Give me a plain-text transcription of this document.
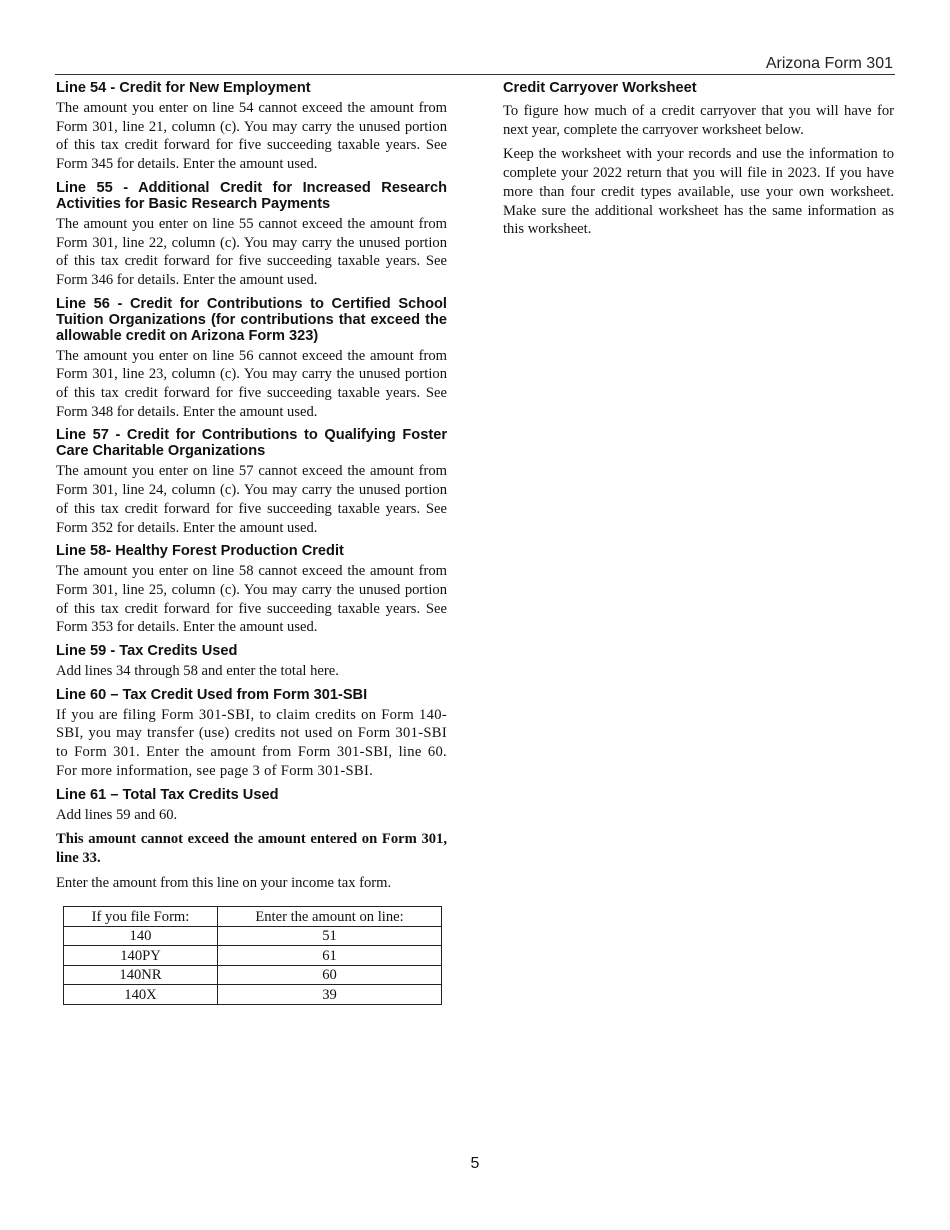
Arizona Form 301
Line 54 - Credit for New Employment

The amount you enter on line 54 cannot exceed the amount from Form 301, line 21, column (c). You may carry the unused portion of this tax credit forward for five succeeding taxable years. See Form 345 for details. Enter the amount used.

Line 55 - Additional Credit for Increased Research Activities for Basic Research Payments

The amount you enter on line 55 cannot exceed the amount from Form 301, line 22, column (c). You may carry the unused portion of this tax credit forward for five succeeding taxable years. See Form 346 for details. Enter the amount used.

Line 56 - Credit for Contributions to Certified School Tuition Organizations (for contributions that exceed the allowable credit on Arizona Form 323)

The amount you enter on line 56 cannot exceed the amount from Form 301, line 23, column (c). You may carry the unused portion of this tax credit forward for five succeeding taxable years. See Form 348 for details. Enter the amount used.

Line 57 - Credit for Contributions to Qualifying Foster Care Charitable Organizations

The amount you enter on line 57 cannot exceed the amount from Form 301, line 24, column (c). You may carry the unused portion of this tax credit forward for five succeeding taxable years. See Form 352 for details. Enter the amount used.

Line 58- Healthy Forest Production Credit

The amount you enter on line 58 cannot exceed the amount from Form 301, line 25, column (c). You may carry the unused portion of this tax credit forward for five succeeding taxable years. See Form 353 for details. Enter the amount used.

Line 59 - Tax Credits Used

Add lines 34 through 58 and enter the total here.

Line 60 – Tax Credit Used from Form 301-SBI

If you are filing Form 301-SBI, to claim credits on Form 140-SBI, you may transfer (use) credits not used on Form 301-SBI to Form 301. Enter the amount from Form 301-SBI, line 60. For more information, see page 3 of Form 301-SBI.

Line 61 – Total Tax Credits Used

Add lines 59 and 60.

This amount cannot exceed the amount entered on Form 301, line 33.

Enter the amount from this line on your income tax form.

If you file Form:	Enter the amount on line:
140	51
140PY	61
140NR	60
140X	39
Credit Carryover Worksheet

To figure how much of a credit carryover that you will have for next year, complete the carryover worksheet below.

Keep the worksheet with your records and use the information to complete your 2022 return that you will file in 2023. If you have more than four credit types available, use your own worksheet. Make sure the additional worksheet has the same information as this worksheet.

5
